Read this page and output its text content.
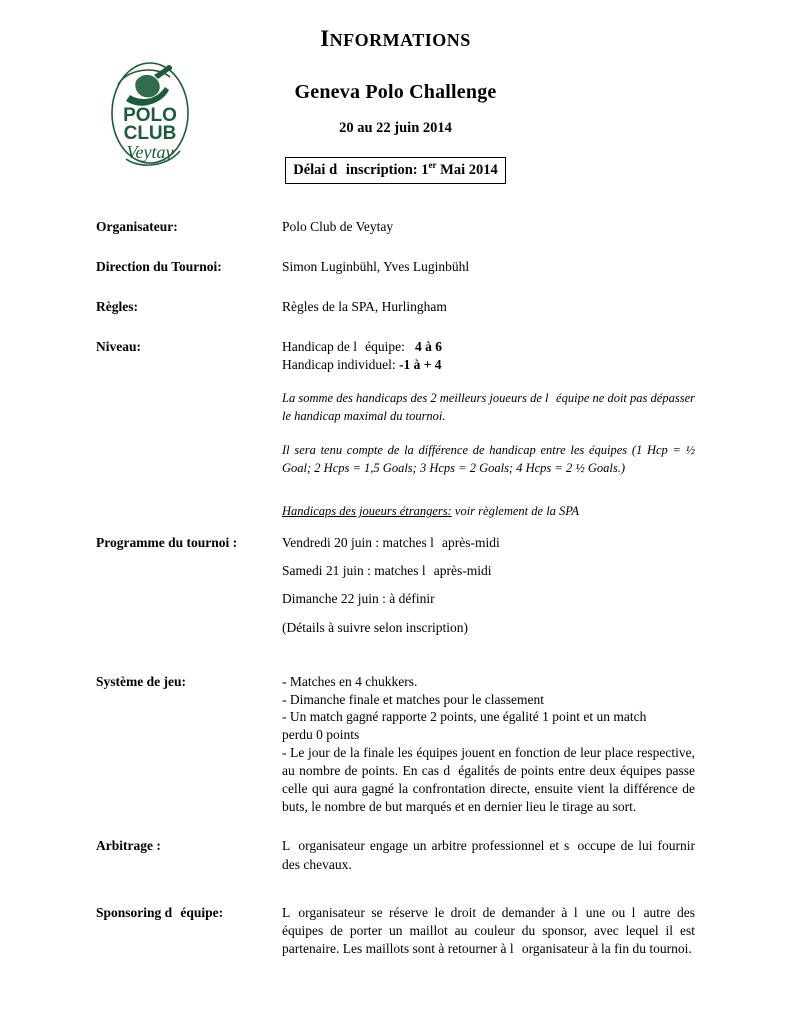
POLO
CLUB
Veytay
INFORMATIONS
Geneva Polo Challenge
20 au 22 juin 2014
Délai dinscription: 1er Mai 2014
Organisateur:	Polo Club de Veytay
Direction du Tournoi:	Simon Luginbühl, Yves Luginbühl
Règles:	Règles de la SPA, Hurlingham
Niveau:	Handicap de léquipe: 4 à 6
Handicap individuel: -1 à + 4
La somme des handicaps des 2 meilleurs joueurs de léquipe ne doit pas dépasser le handicap maximal du tournoi.
Il sera tenu compte de la différence de handicap entre les équipes (1 Hcp = ½ Goal; 2 Hcps = 1,5 Goals; 3 Hcps = 2 Goals; 4 Hcps = 2 ½ Goals.)
Handicaps des joueurs étrangers: voir règlement de la SPA
Programme du tournoi :	Vendredi 20 juin : matches laprès-midi
Samedi 21 juin : matches laprès-midi
Dimanche 22 juin : à définir
(Détails à suivre selon inscription)
Système de jeu:	- Matches en 4 chukkers.
- Dimanche finale et matches pour le classement
- Un match gagné rapporte 2 points, une égalité 1 point et un match
perdu 0 points
- Le jour de la finale les équipes jouent en fonction de leur place respective, au nombre de points. En cas dégalités de points entre deux équipes passe celle qui aura gagné la confrontation directe, ensuite vient la différence de buts, le nombre de but marqués et en dernier lieu le tirage au sort.
Arbitrage :	Lorganisateur engage un arbitre professionnel et soccupe de lui fournir des chevaux.
Sponsoring déquipe:	Lorganisateur se réserve le droit de demander à lune ou lautre des équipes de porter un maillot au couleur du sponsor, avec lequel il est partenaire. Les maillots sont à retourner à lorganisateur à la fin du tournoi.
